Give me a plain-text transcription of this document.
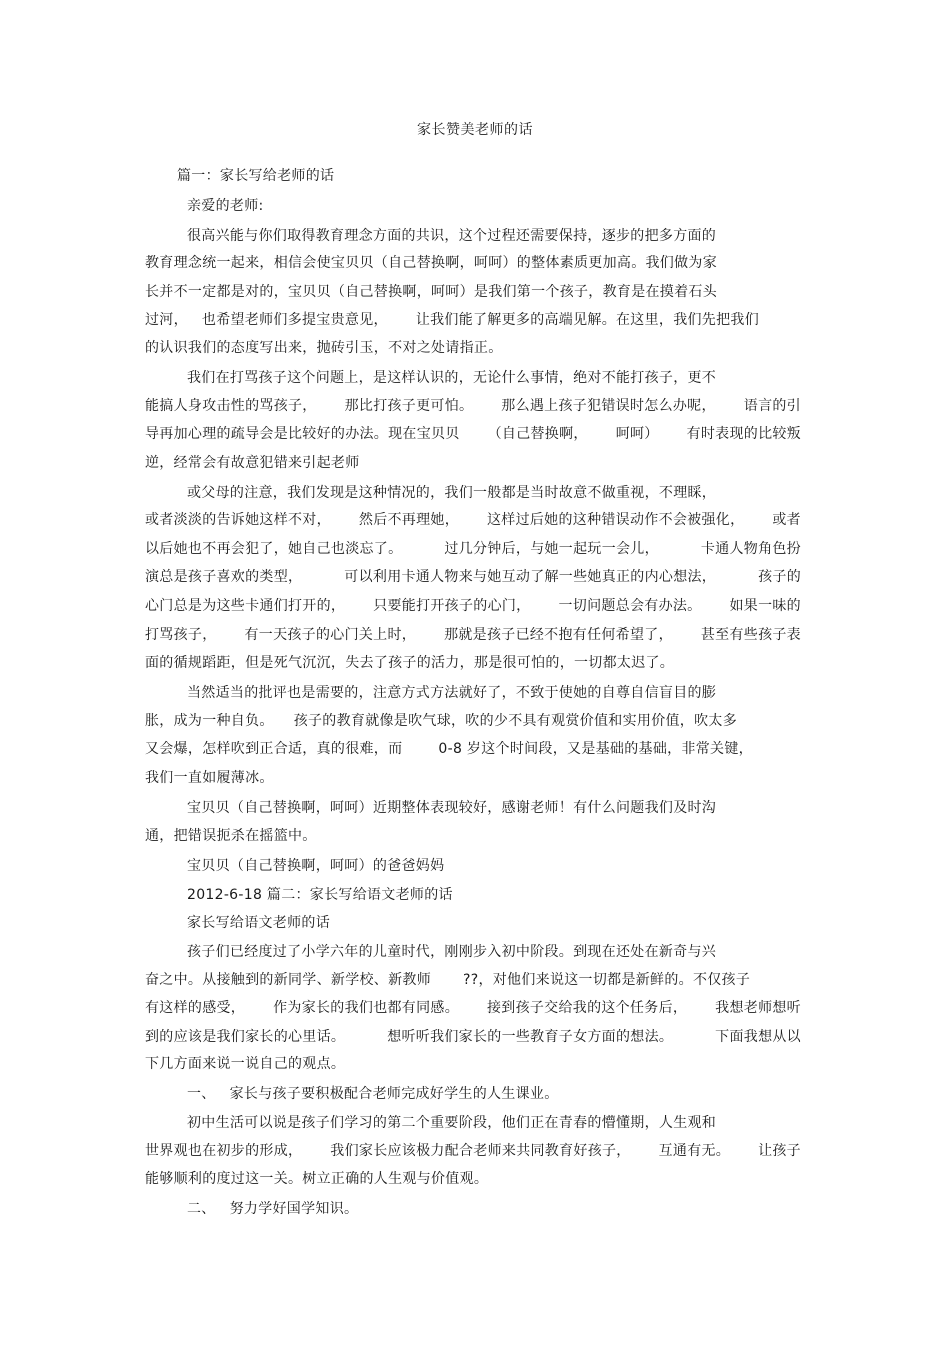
家长赞美老师的话
篇一：家长写给老师的话
亲爱的老师:
很高兴能与你们取得教育理念方面的共识，这个过程还需要保持，逐步的把多方面的
教育理念统一起来，相信会使宝贝贝（自己替换啊，呵呵）的整体素质更加高。我们做为家
长并不一定都是对的，宝贝贝（自己替换啊，呵呵）是我们第一个孩子，教育是在摸着石头
过河， 也希望老师们多提宝贵意见， 让我们能了解更多的高端见解。在这里，我们先把我们
的认识我们的态度写出来，抛砖引玉，不对之处请指正。
我们在打骂孩子这个问题上，是这样认识的，无论什么事情，绝对不能打孩子，更不
能搞人身攻击性的骂孩子， 那比打孩子更可怕。 那么遇上孩子犯错误时怎么办呢， 语言的引
导再加心理的疏导会是比较好的办法。现在宝贝贝 （自己替换啊， 呵呵） 有时表现的比较叛
逆，经常会有故意犯错来引起老师
或父母的注意，我们发现是这种情况的，我们一般都是当时故意不做重视，不理睬，
或者淡淡的告诉她这样不对， 然后不再理她， 这样过后她的这种错误动作不会被强化， 或者
以后她也不再会犯了，她自己也淡忘了。	过几分钟后，与她一起玩一会儿，	卡通人物角色扮
演总是孩子喜欢的类型，	可以利用卡通人物来与她互动了解一些她真正的内心想法，	孩子的
心门总是为这些卡通们打开的， 只要能打开孩子的心门， 一切问题总会有办法。 如果一味的
打骂孩子， 有一天孩子的心门关上时， 那就是孩子已经不抱有任何希望了， 甚至有些孩子表
面的循规蹈距，但是死气沉沉，失去了孩子的活力，那是很可怕的，一切都太迟了。
当然适当的批评也是需要的，注意方式方法就好了，不致于使她的自尊自信盲目的膨
胀，成为一种自负。 孩子的教育就像是吹气球，吹的少不具有观赏价值和实用价值，吹太多
又会爆，怎样吹到正合适，真的很难，而	0-8 岁这个时间段，又是基础的基础，非常关键，
我们一直如履薄冰。
宝贝贝（自己替换啊，呵呵）近期整体表现较好，感谢老师！有什么问题我们及时沟
通，把错误扼杀在摇篮中。
宝贝贝（自己替换啊，呵呵）的爸爸妈妈
2012-6-18 篇二：家长写给语文老师的话
家长写给语文老师的话
孩子们已经度过了小学六年的儿童时代，刚刚步入初中阶段。到现在还处在新奇与兴
奋之中。从接触到的新同学、新学校、新教师 ??，对他们来说这一切都是新鲜的。不仅孩子
有这样的感受， 作为家长的我们也都有同感。 接到孩子交给我的这个任务后， 我想老师想听
到的应该是我们家长的心里话。	想听听我们家长的一些教育子女方面的想法。	下面我想从以
下几方面来说一说自己的观点。
一、 家长与孩子要积极配合老师完成好学生的人生课业。
初中生活可以说是孩子们学习的第二个重要阶段，他们正在青春的懵懂期，人生观和
世界观也在初步的形成， 我们家长应该极力配合老师来共同教育好孩子， 互通有无。 让孩子
能够顺利的度过这一关。树立正确的人生观与价值观。
二、 努力学好国学知识。
